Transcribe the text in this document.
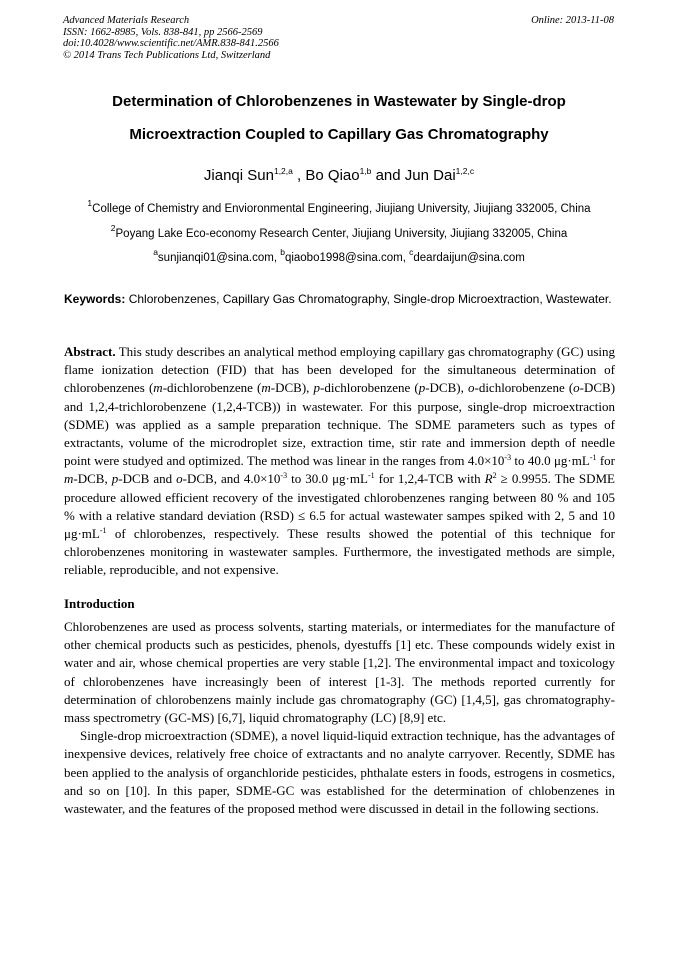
Advanced Materials Research
ISSN: 1662-8985, Vols. 838-841, pp 2566-2569
doi:10.4028/www.scientific.net/AMR.838-841.2566
© 2014 Trans Tech Publications Ltd, Switzerland
Online: 2013-11-08
Determination of Chlorobenzenes in Wastewater by Single-drop
Microextraction Coupled to Capillary Gas Chromatography
Jianqi Sun$^{1,2,a}$ , Bo Qiao$^{1,b}$ and Jun Dai$^{1,2,c}$
$^1$College of Chemistry and Envioronmental Engineering, Jiujiang University, Jiujiang 332005, China
$^2$Poyang Lake Eco-economy Research Center, Jiujiang University, Jiujiang 332005, China
$^a$sunjianqi01@sina.com, $^b$qiaobo1998@sina.com, $^c$deardaijun@sina.com
Keywords: Chlorobenzenes, Capillary Gas Chromatography, Single-drop Microextraction, Wastewater.
Abstract. This study describes an analytical method employing capillary gas chromatography (GC) using flame ionization detection (FID) that has been developed for the simultaneous determination of chlorobenzenes (m-dichlorobenzene (m-DCB), p-dichlorobenzene (p-DCB), o-dichlorobenzene (o-DCB) and 1,2,4-trichlorobenzene (1,2,4-TCB)) in wastewater. For this purpose, single-drop microextraction (SDME) was applied as a sample preparation technique. The SDME parameters such as types of extractants, volume of the microdroplet size, extraction time, stir rate and immersion depth of needle point were studyed and optimized. The method was linear in the ranges from $4.0\times 10^{-3}$ to 40.0 $\mu g\cdot mL^{-1}$ for m-DCB, p-DCB and o-DCB, and $4.0\times 10^{-3}$ to 30.0 $\mu g\cdot mL^{-1}$ for 1,2,4-TCB with $R^2 \ge 0.9955$. The SDME procedure allowed efficient recovery of the investigated chlorobenzenes ranging between 80 % and 105 % with a relative standard deviation (RSD) ≤ 6.5 for actual wastewater sampes spiked with 2, 5 and 10 $\mu g\cdot mL^{-1}$ of chlorobenzes, respectively. These results showed the potential of this technique for chlorobenzenes monitoring in wastewater samples. Furthermore, the investigated methods are simple, reliable, reproducible, and not expensive.
Introduction
Chlorobenzenes are used as process solvents, starting materials, or intermediates for the manufacture of other chemical products such as pesticides, phenols, dyestuffs [1] etc. These compounds widely exist in water and air, whose chemical properties are very stable [1,2]. The environmental impact and toxicology of chlorobenzenes have increasingly been of interest [1-3]. The methods reported currently for determination of chlorobenzens mainly include gas chromatography (GC) [1,4,5], gas chromatography-mass spectrometry (GC-MS) [6,7], liquid chromatography (LC) [8,9] etc.
Single-drop microextraction (SDME), a novel liquid-liquid extraction technique, has the advantages of inexpensive devices, relatively free choice of extractants and no analyte carryover. Recently, SDME has been applied to the analysis of organchloride pesticides, phthalate esters in foods, estrogens in cosmetics, and so on [10]. In this paper, SDME-GC was established for the determination of chlobenzenes in wastewater, and the features of the proposed method were discussed in detail in the following sections.
